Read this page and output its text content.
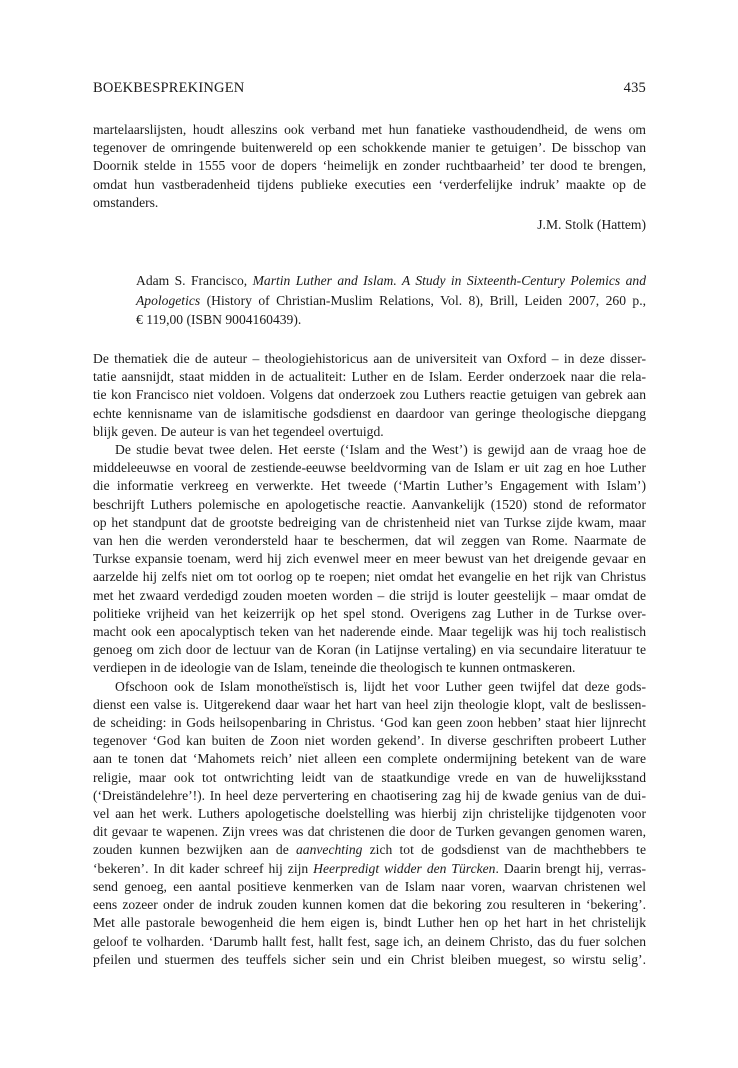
BOEKBESPREKINGEN	435
martelaarslijsten, houdt alleszins ook verband met hun fanatieke vasthoudendheid, de wens om
tegenover de omringende buitenwereld op een schokkende manier te getuigen’. De bisschop van
Doornik stelde in 1555 voor de dopers ‘heimelijk en zonder ruchtbaarheid’ ter dood te brengen,
omdat hun vastberadenheid tijdens publieke executies een ‘verderfelijke indruk’ maakte op de
omstanders.
J.M. Stolk (Hattem)
Adam S. Francisco, Martin Luther and Islam. A Study in Sixteenth-Century Polemics and
Apologetics (History of Christian-Muslim Relations, Vol. 8), Brill, Leiden 2007, 260 p.,
€ 119,00 (ISBN 9004160439).
De thematiek die de auteur – theologiehistoricus aan de universiteit van Oxford – in deze disser-
tatie aansnijdt, staat midden in de actualiteit: Luther en de Islam. Eerder onderzoek naar die rela-
tie kon Francisco niet voldoen. Volgens dat onderzoek zou Luthers reactie getuigen van gebrek aan
echte kennisname van de islamitische godsdienst en daardoor van geringe theologische diepgang
blijk geven. De auteur is van het tegendeel overtuigd.
De studie bevat twee delen. Het eerste (‘Islam and the West’) is gewijd aan de vraag hoe de
middeleeuwse en vooral de zestiende-eeuwse beeldvorming van de Islam er uit zag en hoe Luther
die informatie verkreeg en verwerkte. Het tweede (‘Martin Luther’s Engagement with Islam’)
beschrijft Luthers polemische en apologetische reactie. Aanvankelijk (1520) stond de reformator
op het standpunt dat de grootste bedreiging van de christenheid niet van Turkse zijde kwam, maar
van hen die werden verondersteld haar te beschermen, dat wil zeggen van Rome. Naarmate de
Turkse expansie toenam, werd hij zich evenwel meer en meer bewust van het dreigende gevaar en
aarzelde hij zelfs niet om tot oorlog op te roepen; niet omdat het evangelie en het rijk van Christus
met het zwaard verdedigd zouden moeten worden – die strijd is louter geestelijk – maar omdat de
politieke vrijheid van het keizerrijk op het spel stond. Overigens zag Luther in de Turkse over-
macht ook een apocalyptisch teken van het naderende einde. Maar tegelijk was hij toch realistisch
genoeg om zich door de lectuur van de Koran (in Latijnse vertaling) en via secundaire literatuur te
verdiepen in de ideologie van de Islam, teneinde die theologisch te kunnen ontmaskeren.
Ofschoon ook de Islam monotheïstisch is, lijdt het voor Luther geen twijfel dat deze gods-
dienst een valse is. Uitgerekend daar waar het hart van heel zijn theologie klopt, valt de beslissen-
de scheiding: in Gods heilsopenbaring in Christus. ‘God kan geen zoon hebben’ staat hier lijnrecht
tegenover ‘God kan buiten de Zoon niet worden gekend’. In diverse geschriften probeert Luther
aan te tonen dat ‘Mahomets reich’ niet alleen een complete ondermijning betekent van de ware
religie, maar ook tot ontwrichting leidt van de staatkundige vrede en van de huwelijksstand
(‘Dreiständelehre’!). In heel deze pervertering en chaotisering zag hij de kwade genius van de dui-
vel aan het werk. Luthers apologetische doelstelling was hierbij zijn christelijke tijdgenoten voor
dit gevaar te wapenen. Zijn vrees was dat christenen die door de Turken gevangen genomen waren,
zouden kunnen bezwijken aan de aanvechting zich tot de godsdienst van de machthebbers te
‘bekeren’. In dit kader schreef hij zijn Heerpredigt widder den Türcken. Daarin brengt hij, verras-
send genoeg, een aantal positieve kenmerken van de Islam naar voren, waarvan christenen wel
eens zozeer onder de indruk zouden kunnen komen dat die bekoring zou resulteren in ‘bekering’.
Met alle pastorale bewogenheid die hem eigen is, bindt Luther hen op het hart in het christelijk
geloof te volharden. ‘Darumb hallt fest, hallt fest, sage ich, an deinem Christo, das du fuer solchen
pfeilen und stuermen des teuffels sicher sein und ein Christ bleiben muegest, so wirstu selig’.
